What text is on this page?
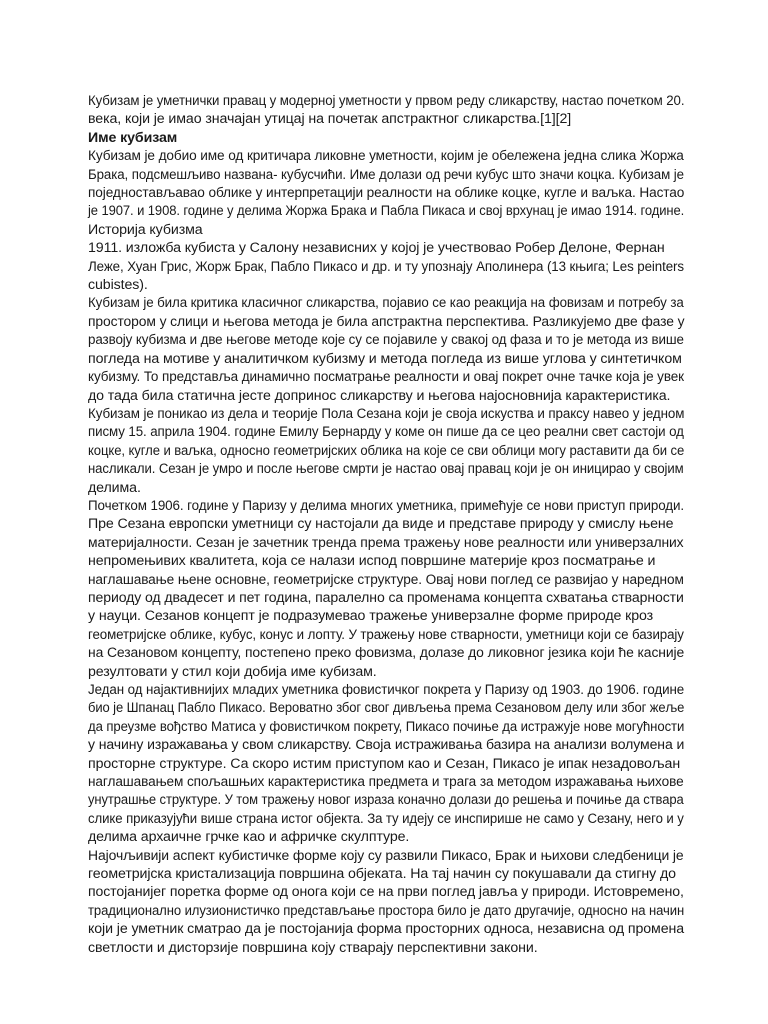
Кубизам је уметнички правац у модерној уметности у првом реду сликарству, настао почетком 20.
века, који је имао значајан утицај на почетак апстрактног сликарства.[1][2]
Име кубизам
Кубизам је добио име од критичара ликовне уметности, којим је обележена једна слика ЖоржаБрака, подсмешљиво названа- кубусчићи. Име долази од речи кубус што значи коцка. Кубизам јепоједностављавао облике у интерпретацији реалности на облике коцке, кугле и ваљка. Настаоје 1907. и 1908. године у делима Жоржа Брака и Пабла Пикаса и свој врхунац је имао 1914. године.
Историја кубизма
1911. изложба кубиста у Салону независних у којој је учествовао Робер Делоне, Фернан
Леже, Хуан Грис, Жорж Брак, Пабло Пикасо и др. и ту упознају Аполинера (13 књига; Les peinters
cubistes).
Кубизам је била критика класичног сликарства, појавио се као реакција на фовизам и потребу запростором у слици и његова метода је била апстрактна перспектива. Разликујемо две фазе уразвоју кубизма и две његове методе које су се појавиле у свакој од фаза и то је метода из више
погледа на мотиве у аналитичком кубизму и метода погледа из више углова у синтетичком
кубизму. То представља динамично посматрање реалности и овај покрет очне тачке која је увек
до тада била статична јесте допринос сликарству и његова најосновнија карактеристика.
Кубизам је поникао из дела и теорије Пола Сезана који је своја искуства и праксу навео у једномписму 15. априла 1904. године Емилу Бернарду у коме он пише да се цео реални свет састоји одкоцке, кугле и ваљка, односно геометријских облика на које се сви облици могу раставити да би сенасликали. Сезан је умро и после његове смрти је настао овај правац који је он иницирао у својим
делима.
Почетком 1906. године у Паризу у делима многих уметника, примећује се нови приступ природи.
Пре Сезана европски уметници су настојали да виде и представе природу у смислу њене
материјалности. Сезан је зачетник тренда према тражењу нове реалности или универзалних
непромењивих квалитета, која се налази испод површине материје кроз посматрање и
наглашавање њене основне, геометријске структуре. Овај нови поглед се развијао у наредномпериоду од двадесет и пет година, паралелно са променама концепта схватања стварности
у науци. Сезанов концепт је подразумевао тражење универзалне форме природе кроз
геометријске облике, кубус, конус и лопту. У тражењу нове стварности, уметници који се базирајуна Сезановом концепту, постепено преко фовизма, долазе до ликовног језика који ће касније
резултовати у стил који добија име кубизам.
Један од најактивнијих младих уметника фовистичког покрета у Паризу од 1903. до 1906. годинебио је Шпанац Пабло Пикасо. Вероватно због свог дивљења према Сезановом делу или због жељеда преузме вођство Матиса у фовистичком покрету, Пикасо почиње да истражује нове могућностиу начину изражавања у свом сликарству. Своја истраживања базира на анализи волумена и
просторне структуре. Са скоро истим приступом као и Сезан, Пикасо је ипак незадовољан
наглашавањем спољашњих карактеристика предмета и трага за методом изражавања њиховеунутрашње структуре. У том тражењу новог израза коначно долази до решења и почиње да ствараслике приказујући више страна истог објекта. За ту идеју се инспирише не само у Сезану, него и у
делима архаичне грчке као и афричке скулптуре.
Најочљивији аспект кубистичке форме коју су развили Пикасо, Брак и њихови следбеници је
геометријска кристализација површина објеката. На тај начин су покушавали да стигну до
постојанијег поретка форме од онога који се на први поглед јавља у природи. Истовремено,традиционално илузионистичко представљање простора било је дато другачије, односно на начин
који је уметник сматрао да је постојанија форма просторних односа, независна од промена
светлости и дисторзије површина коју стварају перспективни закони.
